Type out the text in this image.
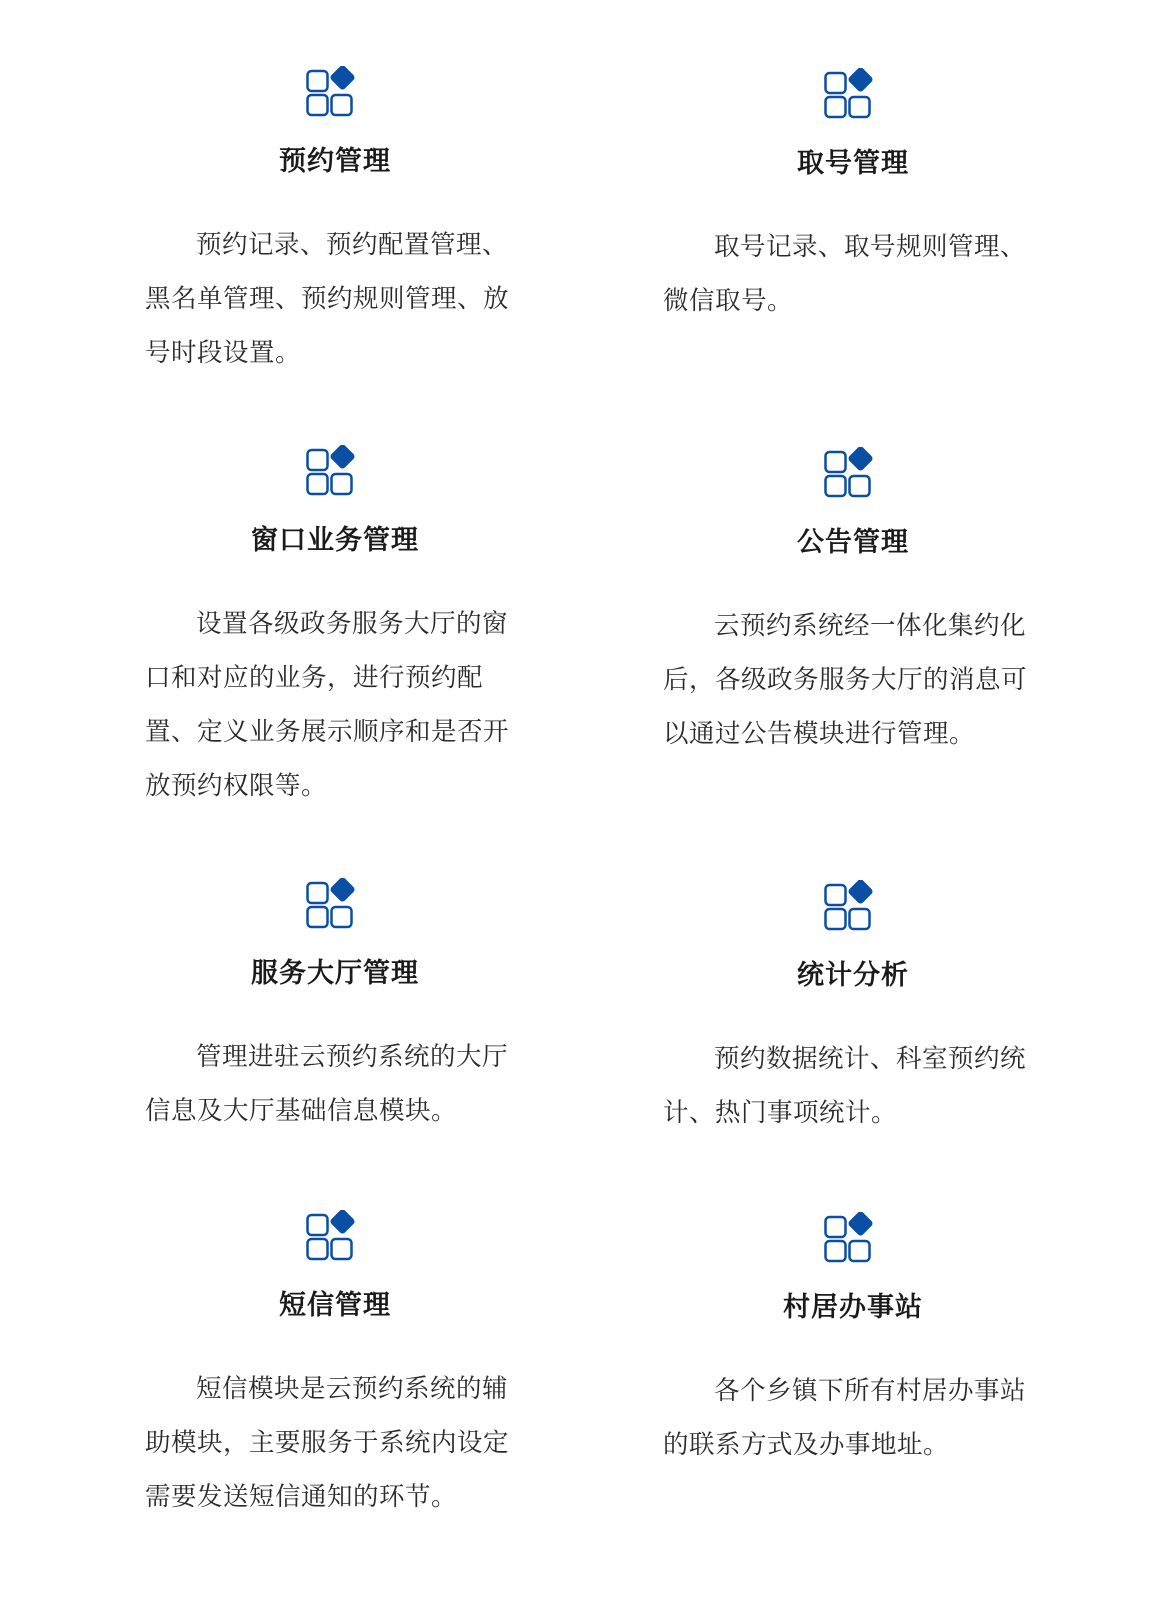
预约管理
预约记录、预约配置管理、黑名单管理、预约规则管理、放号时段设置。
取号管理
取号记录、取号规则管理、微信取号。
窗口业务管理
设置各级政务服务大厅的窗口和对应的业务，进行预约配置、定义业务展示顺序和是否开放预约权限等。
公告管理
云预约系统经一体化集约化后，各级政务服务大厅的消息可以通过公告模块进行管理。
服务大厅管理
管理进驻云预约系统的大厅信息及大厅基础信息模块。
统计分析
预约数据统计、科室预约统计、热门事项统计。
短信管理
短信模块是云预约系统的辅助模块，主要服务于系统内设定需要发送短信通知的环节。
村居办事站
各个乡镇下所有村居办事站的联系方式及办事地址。
